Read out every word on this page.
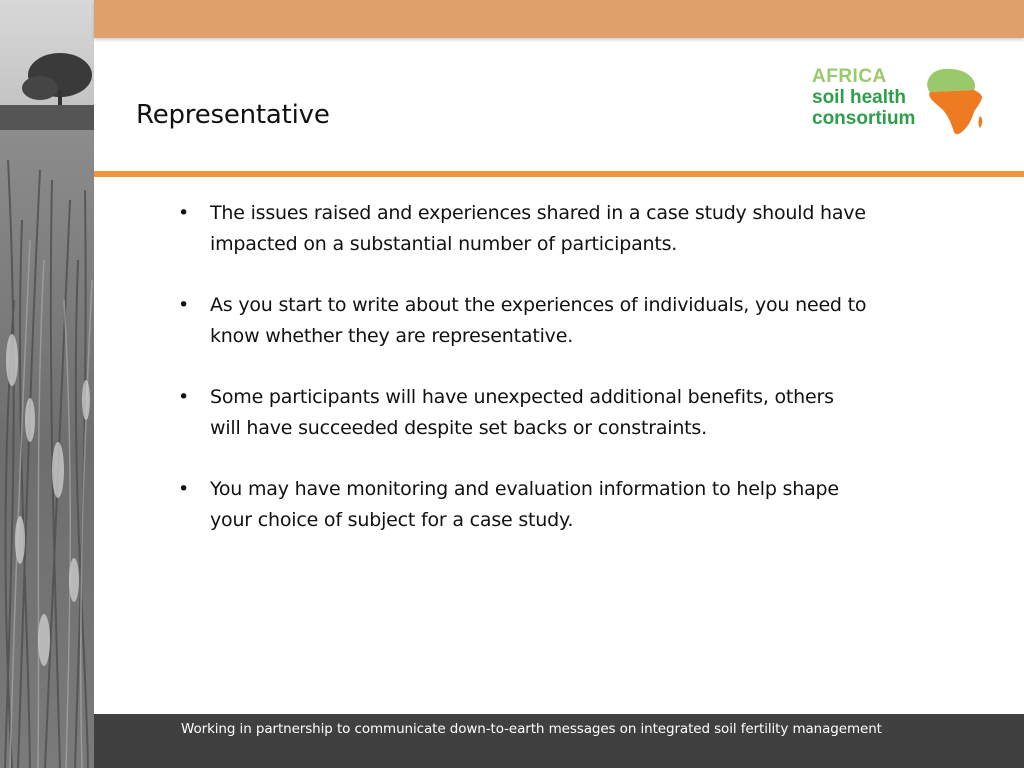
Representative
AFRICA
soil health
consortium
• The issues raised and experiences shared in a case study should have impacted on a substantial number of participants.
• As you start to write about the experiences of individuals, you need to know whether they are representative.
• Some participants will have unexpected additional benefits, others will have succeeded despite set backs or constraints.
• You may have monitoring and evaluation information to help shape your choice of subject for a case study.
Working in partnership to communicate down-to-earth messages on integrated soil fertility management
